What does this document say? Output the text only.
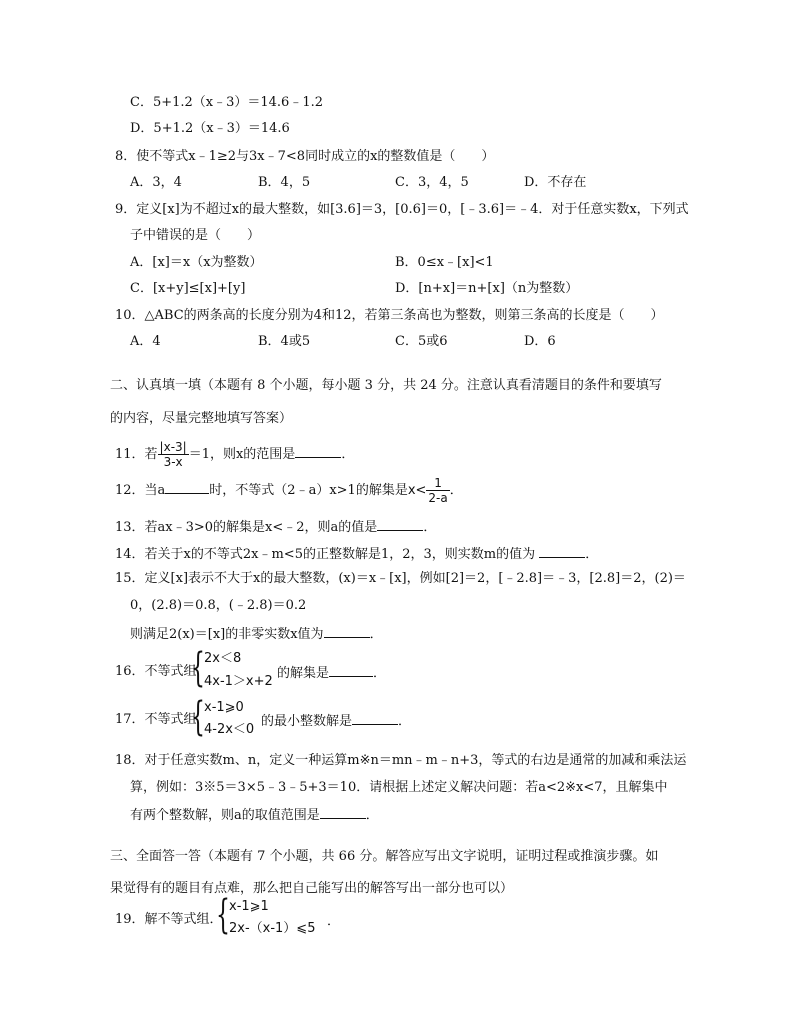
C．5+1.2（x﹣3）＝14.6﹣1.2
D．5+1.2（x﹣3）＝14.6
8．使不等式x﹣1≥2与3x﹣7<8同时成立的x的整数值是（　　）
A．3，4	B．4，5	C．3，4，5	D．不存在
9．定义[x]为不超过x的最大整数，如[3.6]＝3，[0.6]＝0，[﹣3.6]＝﹣4．对于任意实数x，下列式
子中错误的是（　　）
A．[x]＝x（x为整数）	B．0≤x﹣[x]<1
C．[x+y]≤[x]+[y]	D．[n+x]＝n+[x]（n为整数）
10．△ABC的两条高的长度分别为4和12，若第三条高也为整数，则第三条高的长度是（　　）
A．4	B．4或5	C．5或6	D．6
二、认真填一填（本题有 8 个小题，每小题 3 分，共 24 分。注意认真看清题目的条件和要填写
的内容，尽量完整地填写答案）
11．若 $\frac{|x-3|}{3-x} =1$，则x的范围是	．
12．当a	时，不等式（2﹣a）x>1的解集是$x< \frac{1}{2-a}$ ．
13．若ax﹣3>0的解集是x<﹣2，则a的值是	．
14．若关于x的不等式2x﹣m<5的正整数解是1，2，3，则实数m的值为	．
15．定义[x]表示不大于x的最大整数，(x)＝x﹣[x]，例如[2]＝2，[﹣2.8]＝﹣3，[2.8]＝2，(2)＝
0，(2.8)＝0.8，(﹣2.8)＝0.2
则满足2(x)＝[x]的非零实数x值为	．
16．不等式组
{ 2x＜8
4x-1＞x+2
的解集是	．
17．不等式组
{ x-1⩾0
4-2x＜0
的最小整数解是	．
18．对于任意实数m、n，定义一种运算m※n＝mn﹣m﹣n+3，等式的右边是通常的加减和乘法运
算，例如：3※5＝3×5﹣3﹣5+3＝10．请根据上述定义解决问题：若a<2※x<7，且解集中
有两个整数解，则a的取值范围是	．
三、全面答一答（本题有 7 个小题，共 66 分。解答应写出文字说明，证明过程或推演步骤。如
果觉得有的题目有点难，那么把自己能写出的解答写出一部分也可以）
19．解不等式组．
{ x-1⩾1
2x-（x-1）⩽5 ．
